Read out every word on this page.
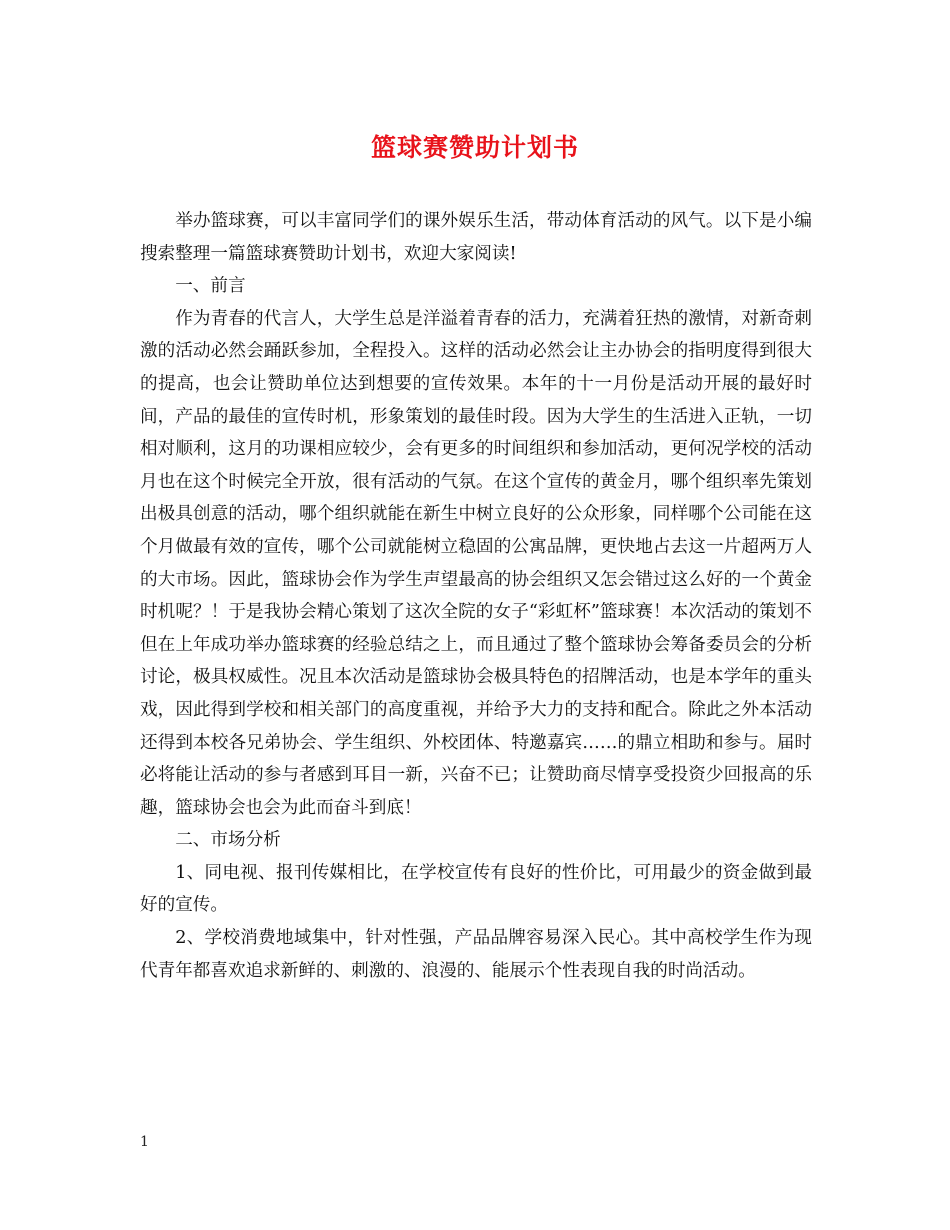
篮球赛赞助计划书

举办篮球赛，可以丰富同学们的课外娱乐生活，带动体育活动的风气。以下是小编搜索整理一篇篮球赛赞助计划书，欢迎大家阅读!

一、前言

作为青春的代言人，大学生总是洋溢着青春的活力，充满着狂热的激情，对新奇刺激的活动必然会踊跃参加，全程投入。这样的活动必然会让主办协会的指明度得到很大的提高，也会让赞助单位达到想要的宣传效果。本年的十一月份是活动开展的最好时间，产品的最佳的宣传时机，形象策划的最佳时段。因为大学生的生活进入正轨，一切相对顺利，这月的功课相应较少，会有更多的时间组织和参加活动，更何况学校的活动月也在这个时候完全开放，很有活动的气氛。在这个宣传的黄金月，哪个组织率先策划出极具创意的活动，哪个组织就能在新生中树立良好的公众形象，同样哪个公司能在这个月做最有效的宣传，哪个公司就能树立稳固的公寓品牌，更快地占去这一片超两万人的大市场。因此，篮球协会作为学生声望最高的协会组织又怎会错过这么好的一个黄金时机呢？！于是我协会精心策划了这次全院的女子“彩虹杯”篮球赛！本次活动的策划不但在上年成功举办篮球赛的经验总结之上，而且通过了整个篮球协会筹备委员会的分析讨论，极具权威性。况且本次活动是篮球协会极具特色的招牌活动，也是本学年的重头戏，因此得到学校和相关部门的高度重视，并给予大力的支持和配合。除此之外本活动还得到本校各兄弟协会、学生组织、外校团体、特邀嘉宾……的鼎立相助和参与。届时必将能让活动的参与者感到耳目一新，兴奋不已；让赞助商尽情享受投资少回报高的乐趣，篮球协会也会为此而奋斗到底！

二、市场分析

1、同电视、报刊传媒相比，在学校宣传有良好的性价比，可用最少的资金做到最好的宣传。

2、学校消费地域集中，针对性强，产品品牌容易深入民心。其中高校学生作为现代青年都喜欢追求新鲜的、刺激的、浪漫的、能展示个性表现自我的时尚活动。

1
